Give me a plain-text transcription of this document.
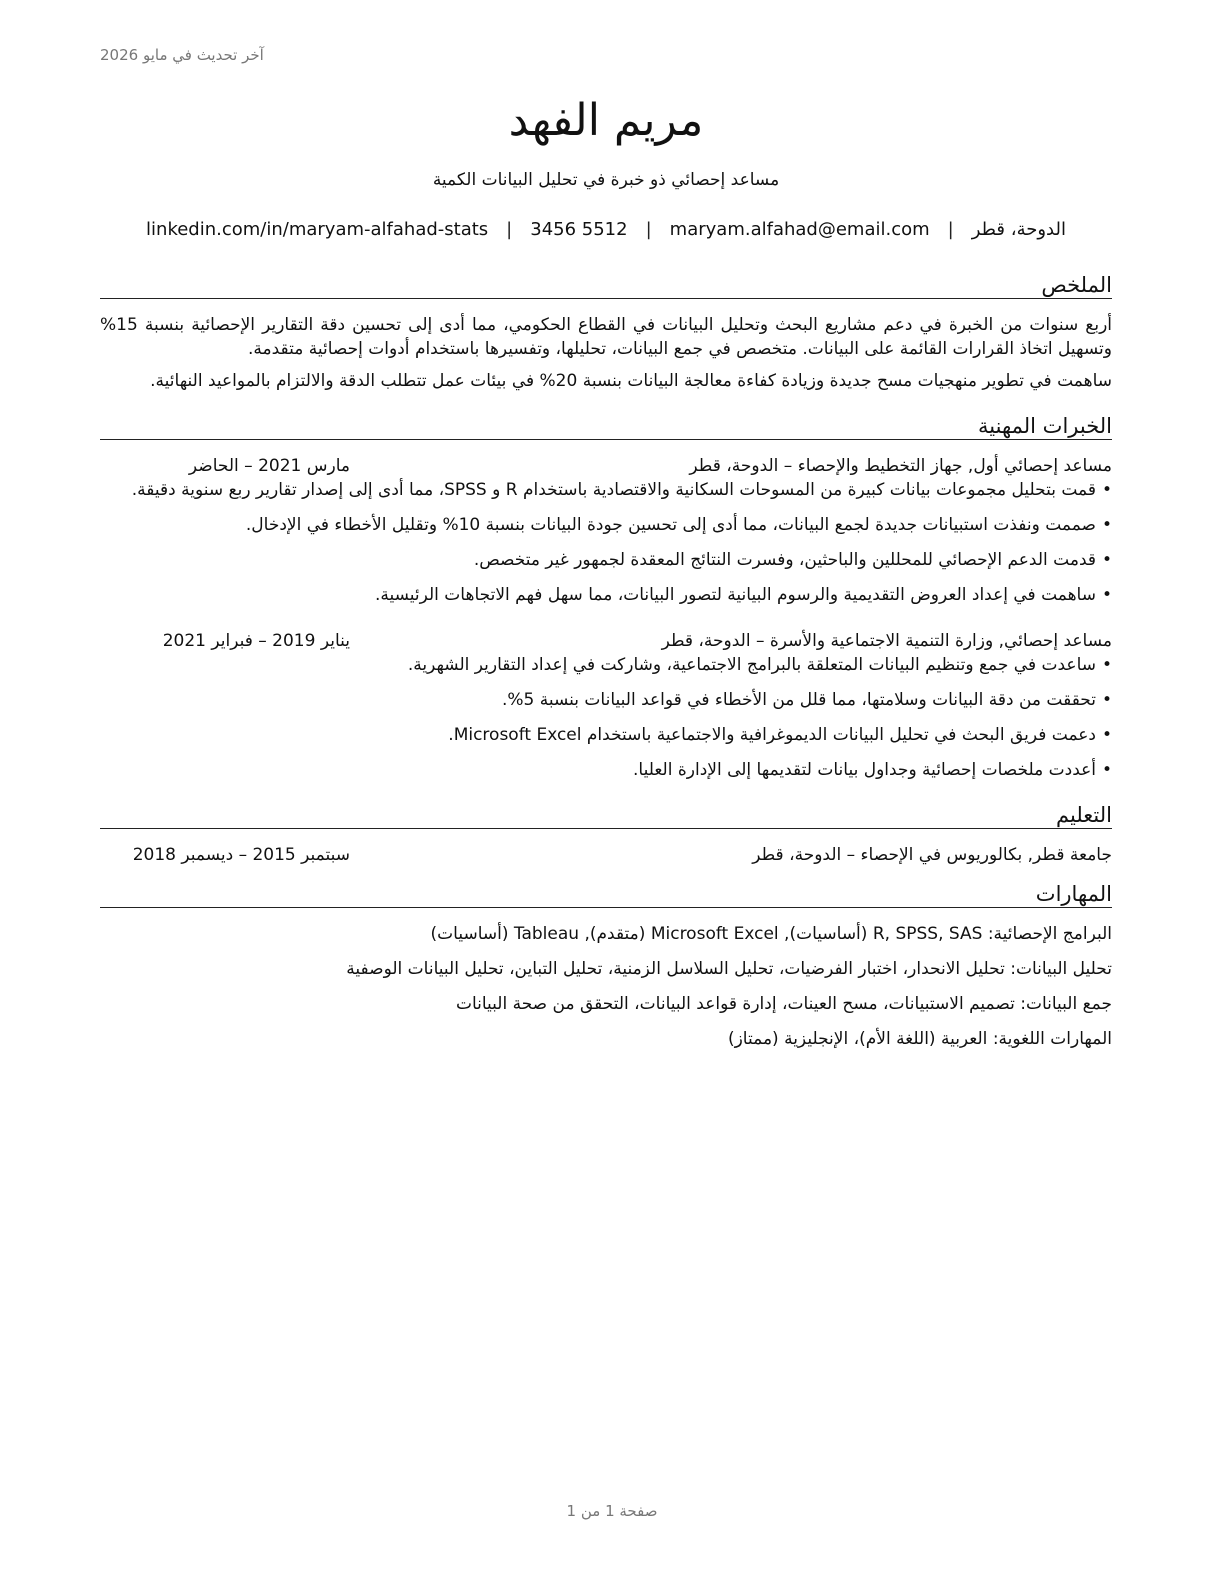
آخر تحديث في مايو 2026
مريم الفهد
مساعد إحصائي ذو خبرة في تحليل البيانات الكمية
الدوحة، قطر
|
maryam.alfahad@email.com
|
3456 5512
|
linkedin.com/in/maryam-alfahad-stats
الملخص

أربع سنوات من الخبرة في دعم مشاريع البحث وتحليل البيانات في القطاع الحكومي، مما أدى إلى تحسين دقة التقارير الإحصائية بنسبة 15% وتسهيل اتخاذ القرارات القائمة على البيانات. متخصص في جمع البيانات، تحليلها، وتفسيرها باستخدام أدوات إحصائية متقدمة.

ساهمت في تطوير منهجيات مسح جديدة وزيادة كفاءة معالجة البيانات بنسبة 20% في بيئات عمل تتطلب الدقة والالتزام بالمواعيد النهائية.

الخبرات المهنية
مساعد إحصائي أول, جهاز التخطيط والإحصاء – الدوحة، قطر
مارس 2021 – الحاضر
• قمت بتحليل مجموعات بيانات كبيرة من المسوحات السكانية والاقتصادية باستخدام R و SPSS، مما أدى إلى إصدار تقارير ربع سنوية دقيقة.
• صممت ونفذت استبيانات جديدة لجمع البيانات، مما أدى إلى تحسين جودة البيانات بنسبة 10% وتقليل الأخطاء في الإدخال.
• قدمت الدعم الإحصائي للمحللين والباحثين، وفسرت النتائج المعقدة لجمهور غير متخصص.
• ساهمت في إعداد العروض التقديمية والرسوم البيانية لتصور البيانات، مما سهل فهم الاتجاهات الرئيسية.
مساعد إحصائي, وزارة التنمية الاجتماعية والأسرة – الدوحة، قطر
يناير 2019 – فبراير 2021
• ساعدت في جمع وتنظيم البيانات المتعلقة بالبرامج الاجتماعية، وشاركت في إعداد التقارير الشهرية.
• تحققت من دقة البيانات وسلامتها، مما قلل من الأخطاء في قواعد البيانات بنسبة 5%.
• دعمت فريق البحث في تحليل البيانات الديموغرافية والاجتماعية باستخدام Microsoft Excel.
• أعددت ملخصات إحصائية وجداول بيانات لتقديمها إلى الإدارة العليا.
التعليم
جامعة قطر, بكالوريوس في الإحصاء – الدوحة، قطر
سبتمبر 2015 – ديسمبر 2018
المهارات
البرامج الإحصائية: R, SPSS, SAS (أساسيات), Microsoft Excel (متقدم), Tableau (أساسيات)
تحليل البيانات: تحليل الانحدار، اختبار الفرضيات، تحليل السلاسل الزمنية، تحليل التباين، تحليل البيانات الوصفية
جمع البيانات: تصميم الاستبيانات، مسح العينات، إدارة قواعد البيانات، التحقق من صحة البيانات
المهارات اللغوية: العربية (اللغة الأم)، الإنجليزية (ممتاز)
صفحة 1 من 1
